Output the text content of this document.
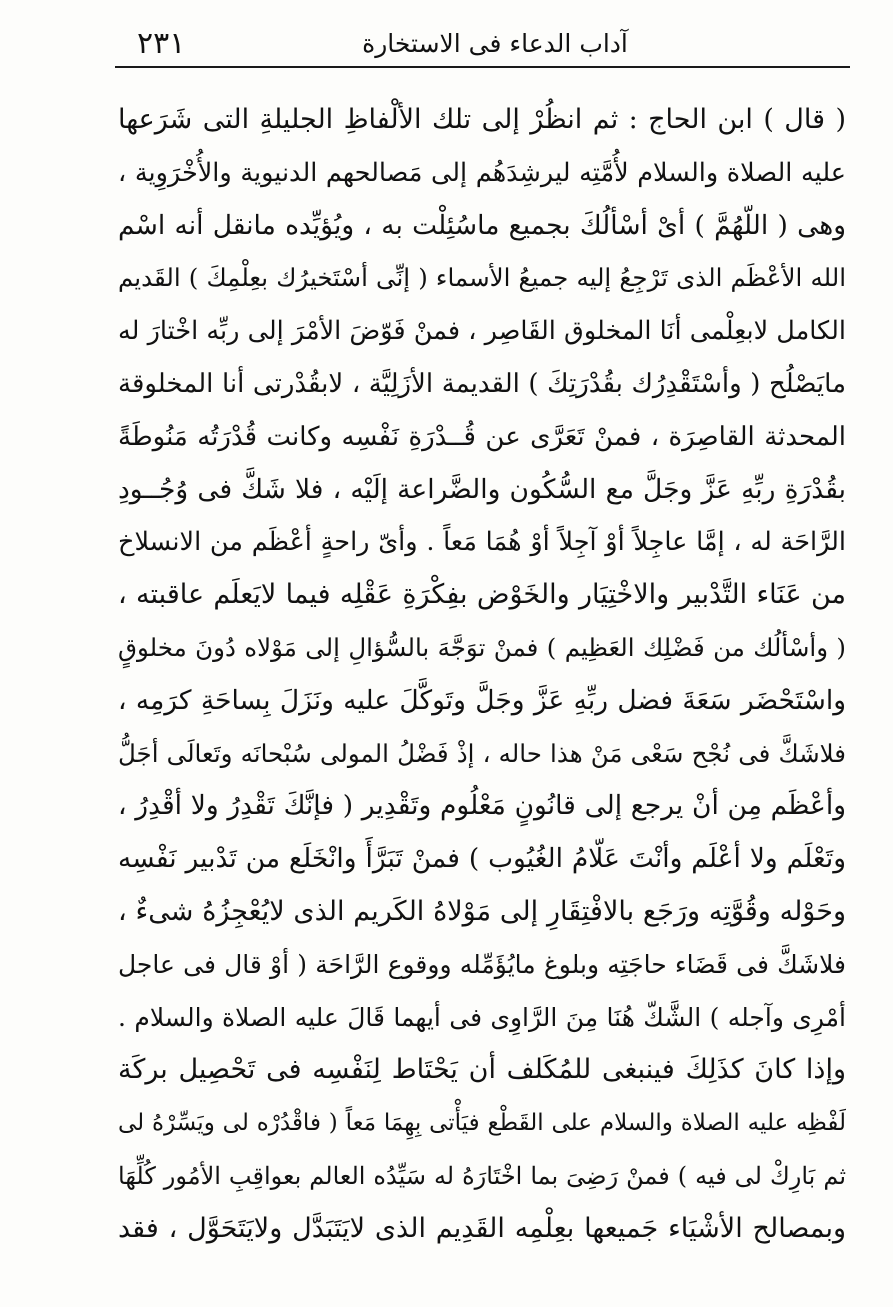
٢٣١	آداب الدعاء فى الاستخارة
( قال ) ابن الحاج : ثم انظُرْ إلى تلك الألْفاظِ الجليلةِ التى شَرَعها
عليه الصلاة والسلام لأُمَّتِه ليرشِدَهُم إلى مَصالحهم الدنيوية والأُخْرَوِية ،
وهى ( اللّهُمَّ ) أىْ أسْألُكَ بجميع ماسُئِلْت به ، ويُؤيِّده مانقل أنه اسْم
الله الأعْظَم الذى تَرْجِعُ إليه جميعُ الأسماء ( إنِّى أسْتَخيرُك بعِلْمِكَ ) القَديم
الكامل لابعِلْمى أنَا المخلوق القَاصِر ، فمنْ فَوّضَ الأمْرَ إلى ربِّه اخْتارَ له
مايَصْلُح ( وأسْتَقْدِرُك بقُدْرَتِكَ ) القديمة الأزَلِيَّة ، لابقُدْرتى أنا المخلوقة
المحدثة القاصِرَة ، فمنْ تَعَرَّى عن قُــدْرَةِ نَفْسِه وكانت قُدْرَتُه مَنُوطَةً
بقُدْرَةِ ربِّهِ عَزَّ وجَلَّ مع السُّكُون والضَّراعة إلَيْه ، فلا شَكَّ فى وُجُــودِ
الرَّاحَة له ، إمَّا عاجِلاً أوْ آجِلاً أوْ هُمَا مَعاً . وأىّ راحةٍ أعْظَم من الانسلاخ
من عَنَاء التَّدْبير والاخْتِيَار والخَوْض بفِكْرَةِ عَقْلِه فيما لايَعلَم عاقبته ،
( وأسْألُك من فَضْلِك العَظِيم ) فمنْ توَجَّهَ بالسُّؤالِ إلى مَوْلاه دُونَ مخلوقٍ
واسْتَحْضَر سَعَةَ فضل ربِّهِ عَزَّ وجَلَّ وتَوكَّلَ عليه ونَزَلَ بِساحَةِ كرَمِه ،
فلاشَكَّ فى نُجْح سَعْى مَنْ هذا حاله ، إذْ فَضْلُ المولى سُبْحانَه وتَعالَى أجَلُّ
وأعْظَم مِن أنْ يرجع إلى قانُونٍ مَعْلُوم وتَقْدِير ( فإنَّكَ تَقْدِرُ ولا أقْدِرُ ،
وتَعْلَم ولا أعْلَم وأنْتَ عَلّامُ الغُيُوب ) فمنْ تَبَرَّأَ وانْخَلَع من تَدْبير نَفْسِه
وحَوْله وقُوَّتِه ورَجَع بالافْتِقَارِ إلى مَوْلاهُ الكَريم الذى لايُعْجِزُهُ شىءٌ ،
فلاشَكَّ فى قَضَاء حاجَتِه وبلوغ مايُؤَمِّله ووقوع الرَّاحَة ( أوْ قال فى عاجل
أمْرِى وآجله ) الشَّكّ هُنَا مِنَ الرَّاوِى فى أيهما قَالَ عليه الصلاة والسلام .
وإذا كانَ كذَلِكَ فينبغى للمُكَلف أن يَحْتَاط لِنَفْسِه فى تَحْصِيل بركَة
لَفْظِه عليه الصلاة والسلام على القَطْع فيَأْتى بِهِمَا مَعاً ( فاقْدُرْه لى ويَسِّرْهُ لى
ثم بَارِكْ لى فيه ) فمنْ رَضِىَ بما اخْتَارَهُ له سَيِّدُه العالم بعواقِبِ الأمُور كُلِّهَا
وبمصالح الأشْيَاء جَميعها بعِلْمِه القَدِيم الذى لايَتَبَدَّل ولايَتَحَوَّل ، فقد
